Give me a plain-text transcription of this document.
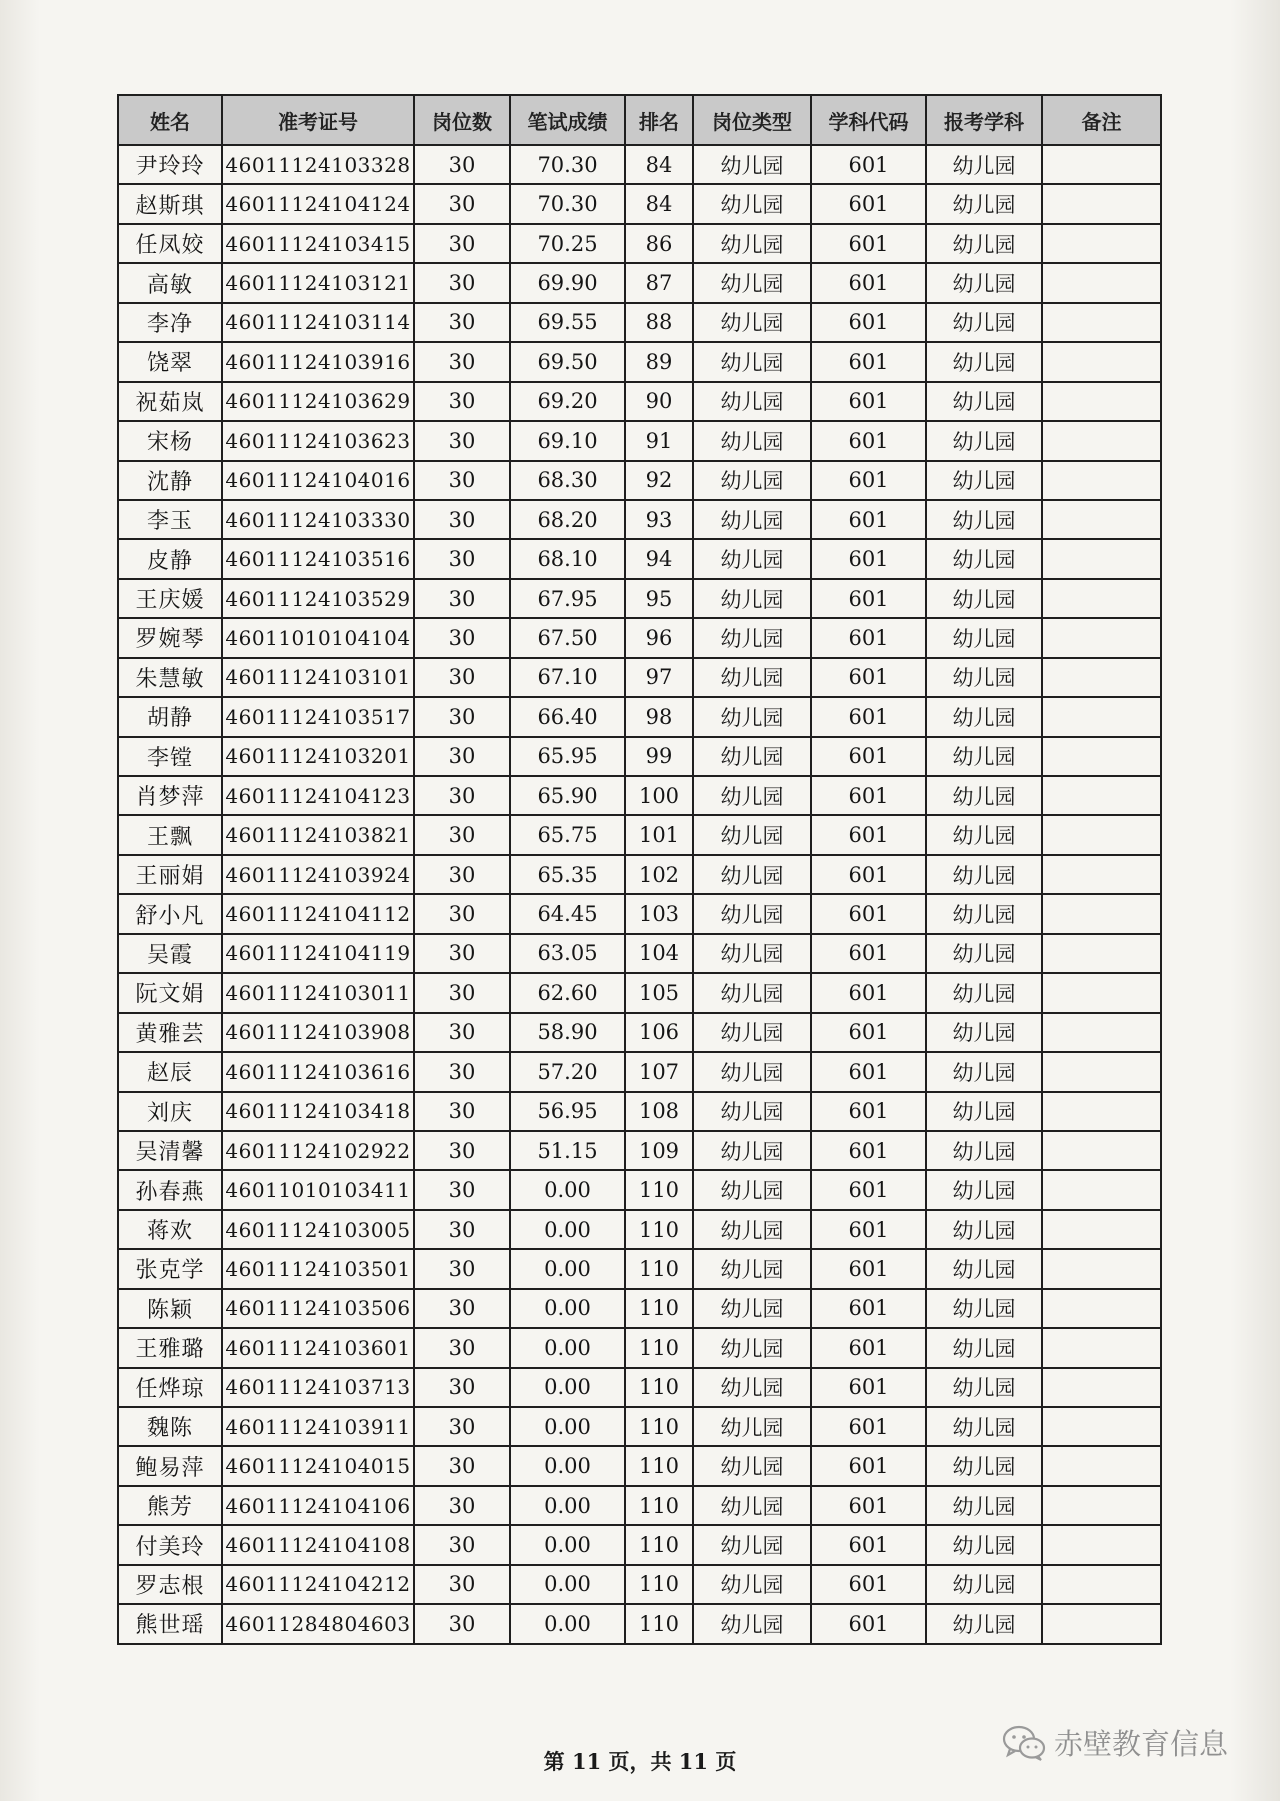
姓名	准考证号	岗位数	笔试成绩	排名	岗位类型	学科代码	报考学科	备注
尹玲玲	46011124103328	30	70.30	84	幼儿园	601	幼儿园	
赵斯琪	46011124104124	30	70.30	84	幼儿园	601	幼儿园	
任凤姣	46011124103415	30	70.25	86	幼儿园	601	幼儿园	
高敏	46011124103121	30	69.90	87	幼儿园	601	幼儿园	
李净	46011124103114	30	69.55	88	幼儿园	601	幼儿园	
饶翠	46011124103916	30	69.50	89	幼儿园	601	幼儿园	
祝茹岚	46011124103629	30	69.20	90	幼儿园	601	幼儿园	
宋杨	46011124103623	30	69.10	91	幼儿园	601	幼儿园	
沈静	46011124104016	30	68.30	92	幼儿园	601	幼儿园	
李玉	46011124103330	30	68.20	93	幼儿园	601	幼儿园	
皮静	46011124103516	30	68.10	94	幼儿园	601	幼儿园	
王庆媛	46011124103529	30	67.95	95	幼儿园	601	幼儿园	
罗婉琴	46011010104104	30	67.50	96	幼儿园	601	幼儿园	
朱慧敏	46011124103101	30	67.10	97	幼儿园	601	幼儿园	
胡静	46011124103517	30	66.40	98	幼儿园	601	幼儿园	
李镗	46011124103201	30	65.95	99	幼儿园	601	幼儿园	
肖梦萍	46011124104123	30	65.90	100	幼儿园	601	幼儿园	
王飘	46011124103821	30	65.75	101	幼儿园	601	幼儿园	
王丽娟	46011124103924	30	65.35	102	幼儿园	601	幼儿园	
舒小凡	46011124104112	30	64.45	103	幼儿园	601	幼儿园	
吴霞	46011124104119	30	63.05	104	幼儿园	601	幼儿园	
阮文娟	46011124103011	30	62.60	105	幼儿园	601	幼儿园	
黄雅芸	46011124103908	30	58.90	106	幼儿园	601	幼儿园	
赵辰	46011124103616	30	57.20	107	幼儿园	601	幼儿园	
刘庆	46011124103418	30	56.95	108	幼儿园	601	幼儿园	
吴清馨	46011124102922	30	51.15	109	幼儿园	601	幼儿园	
孙春燕	46011010103411	30	0.00	110	幼儿园	601	幼儿园	
蒋欢	46011124103005	30	0.00	110	幼儿园	601	幼儿园	
张克学	46011124103501	30	0.00	110	幼儿园	601	幼儿园	
陈颖	46011124103506	30	0.00	110	幼儿园	601	幼儿园	
王雅璐	46011124103601	30	0.00	110	幼儿园	601	幼儿园	
任烨琼	46011124103713	30	0.00	110	幼儿园	601	幼儿园	
魏陈	46011124103911	30	0.00	110	幼儿园	601	幼儿园	
鲍易萍	46011124104015	30	0.00	110	幼儿园	601	幼儿园	
熊芳	46011124104106	30	0.00	110	幼儿园	601	幼儿园	
付美玲	46011124104108	30	0.00	110	幼儿园	601	幼儿园	
罗志根	46011124104212	30	0.00	110	幼儿园	601	幼儿园	
熊世瑶	46011284804603	30	0.00	110	幼儿园	601	幼儿园	
第 11 页，共 11 页
赤壁教育信息
